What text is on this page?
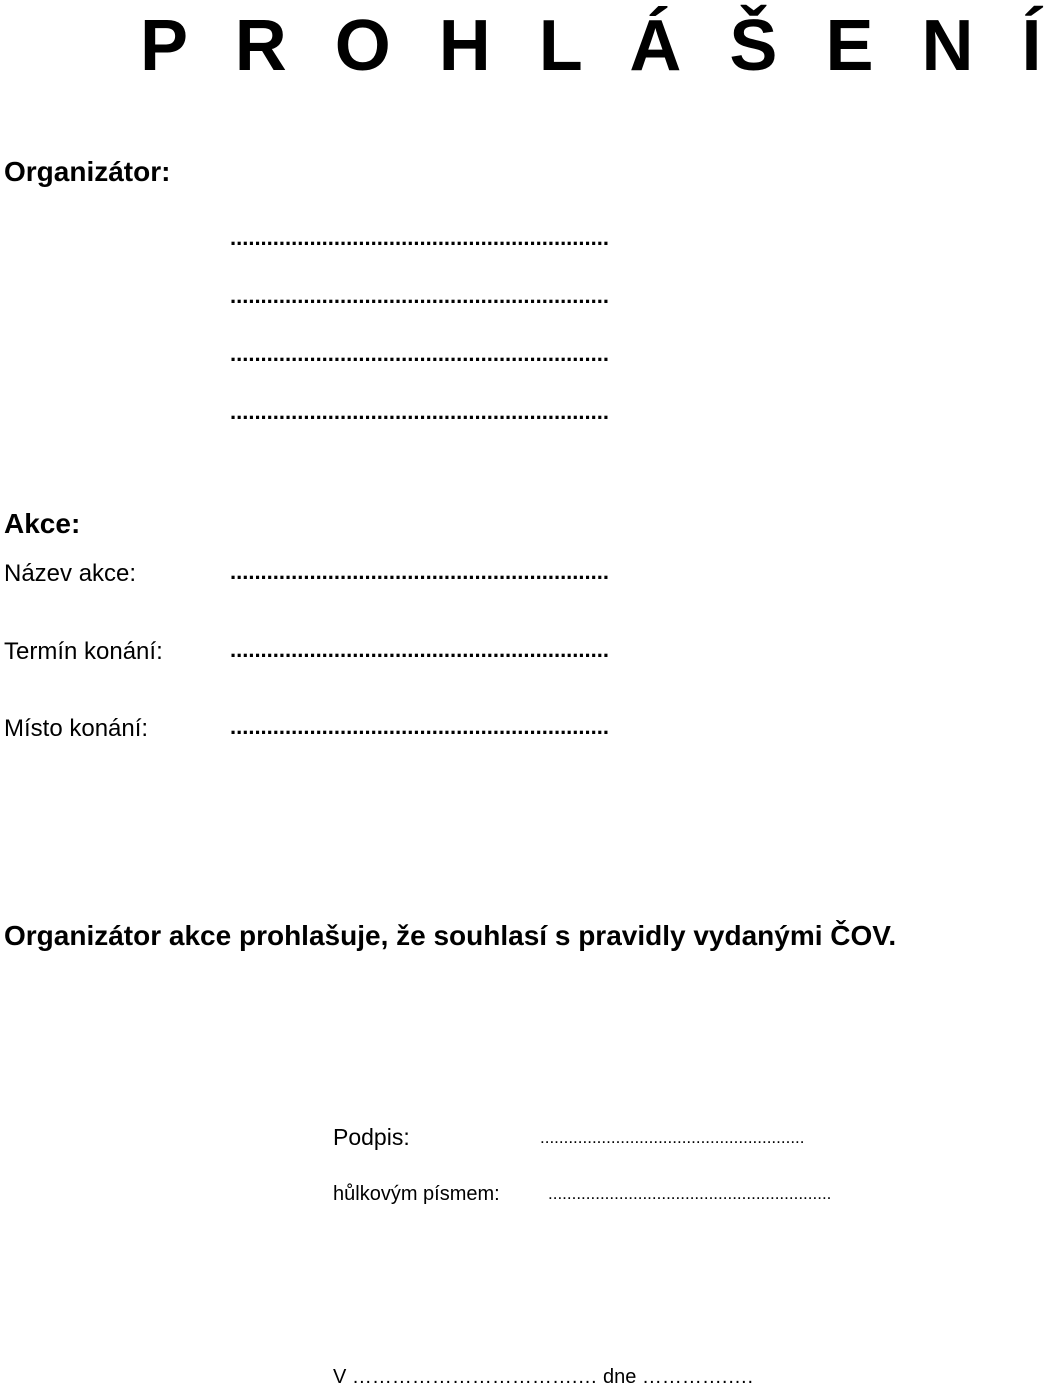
P R O H L Á Š E N Í
Organizátor:
..............................................................
..............................................................
..............................................................
..............................................................
Akce:
Název akce:	..............................................................
Termín konání:	..............................................................
Místo konání:	..............................................................
Organizátor akce prohlašuje, že souhlasí s pravidly vydanými ČOV.
Podpis:	........................................................
hůlkovým písmem:	............................................................
V …………………………….… dne ………….….
